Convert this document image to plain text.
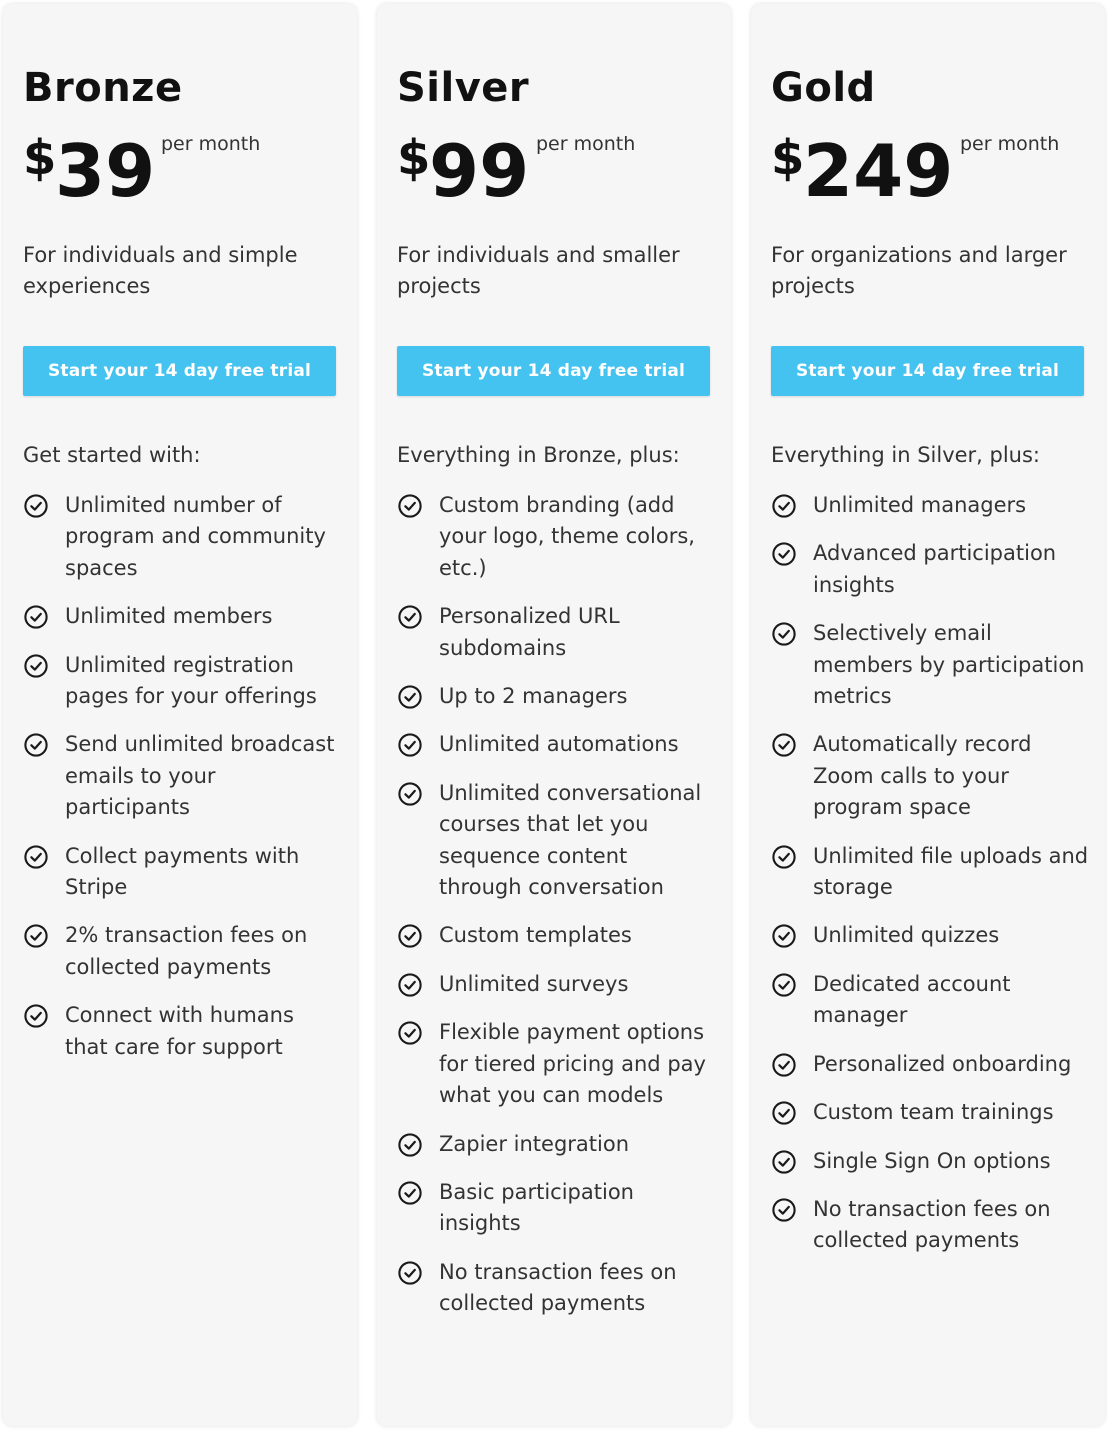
Bronze
$
39 per month

For individuals and simple experiences

Start your 14 day free trial

Get started with:

Unlimited number of program and community spaces
Unlimited members
Unlimited registration pages for your offerings
Send unlimited broadcast emails to your participants
Collect payments with Stripe
2% transaction fees on collected payments
Connect with humans that care for support
Silver
$
99 per month

For individuals and smaller projects

Start your 14 day free trial

Everything in Bronze, plus:

Custom branding (add your logo, theme colors, etc.)
Personalized URL subdomains
Up to 2 managers
Unlimited automations
Unlimited conversational courses that let you sequence content through conversation
Custom templates
Unlimited surveys
Flexible payment options for tiered pricing and pay what you can models
Zapier integration
Basic participation insights
No transaction fees on collected payments
Gold
$
249 per month

For organizations and larger projects

Start your 14 day free trial

Everything in Silver, plus:

Unlimited managers
Advanced participation insights
Selectively email members by participation metrics
Automatically record Zoom calls to your program space
Unlimited file uploads and storage
Unlimited quizzes
Dedicated account manager
Personalized onboarding
Custom team trainings
Single Sign On options
No transaction fees on collected payments
